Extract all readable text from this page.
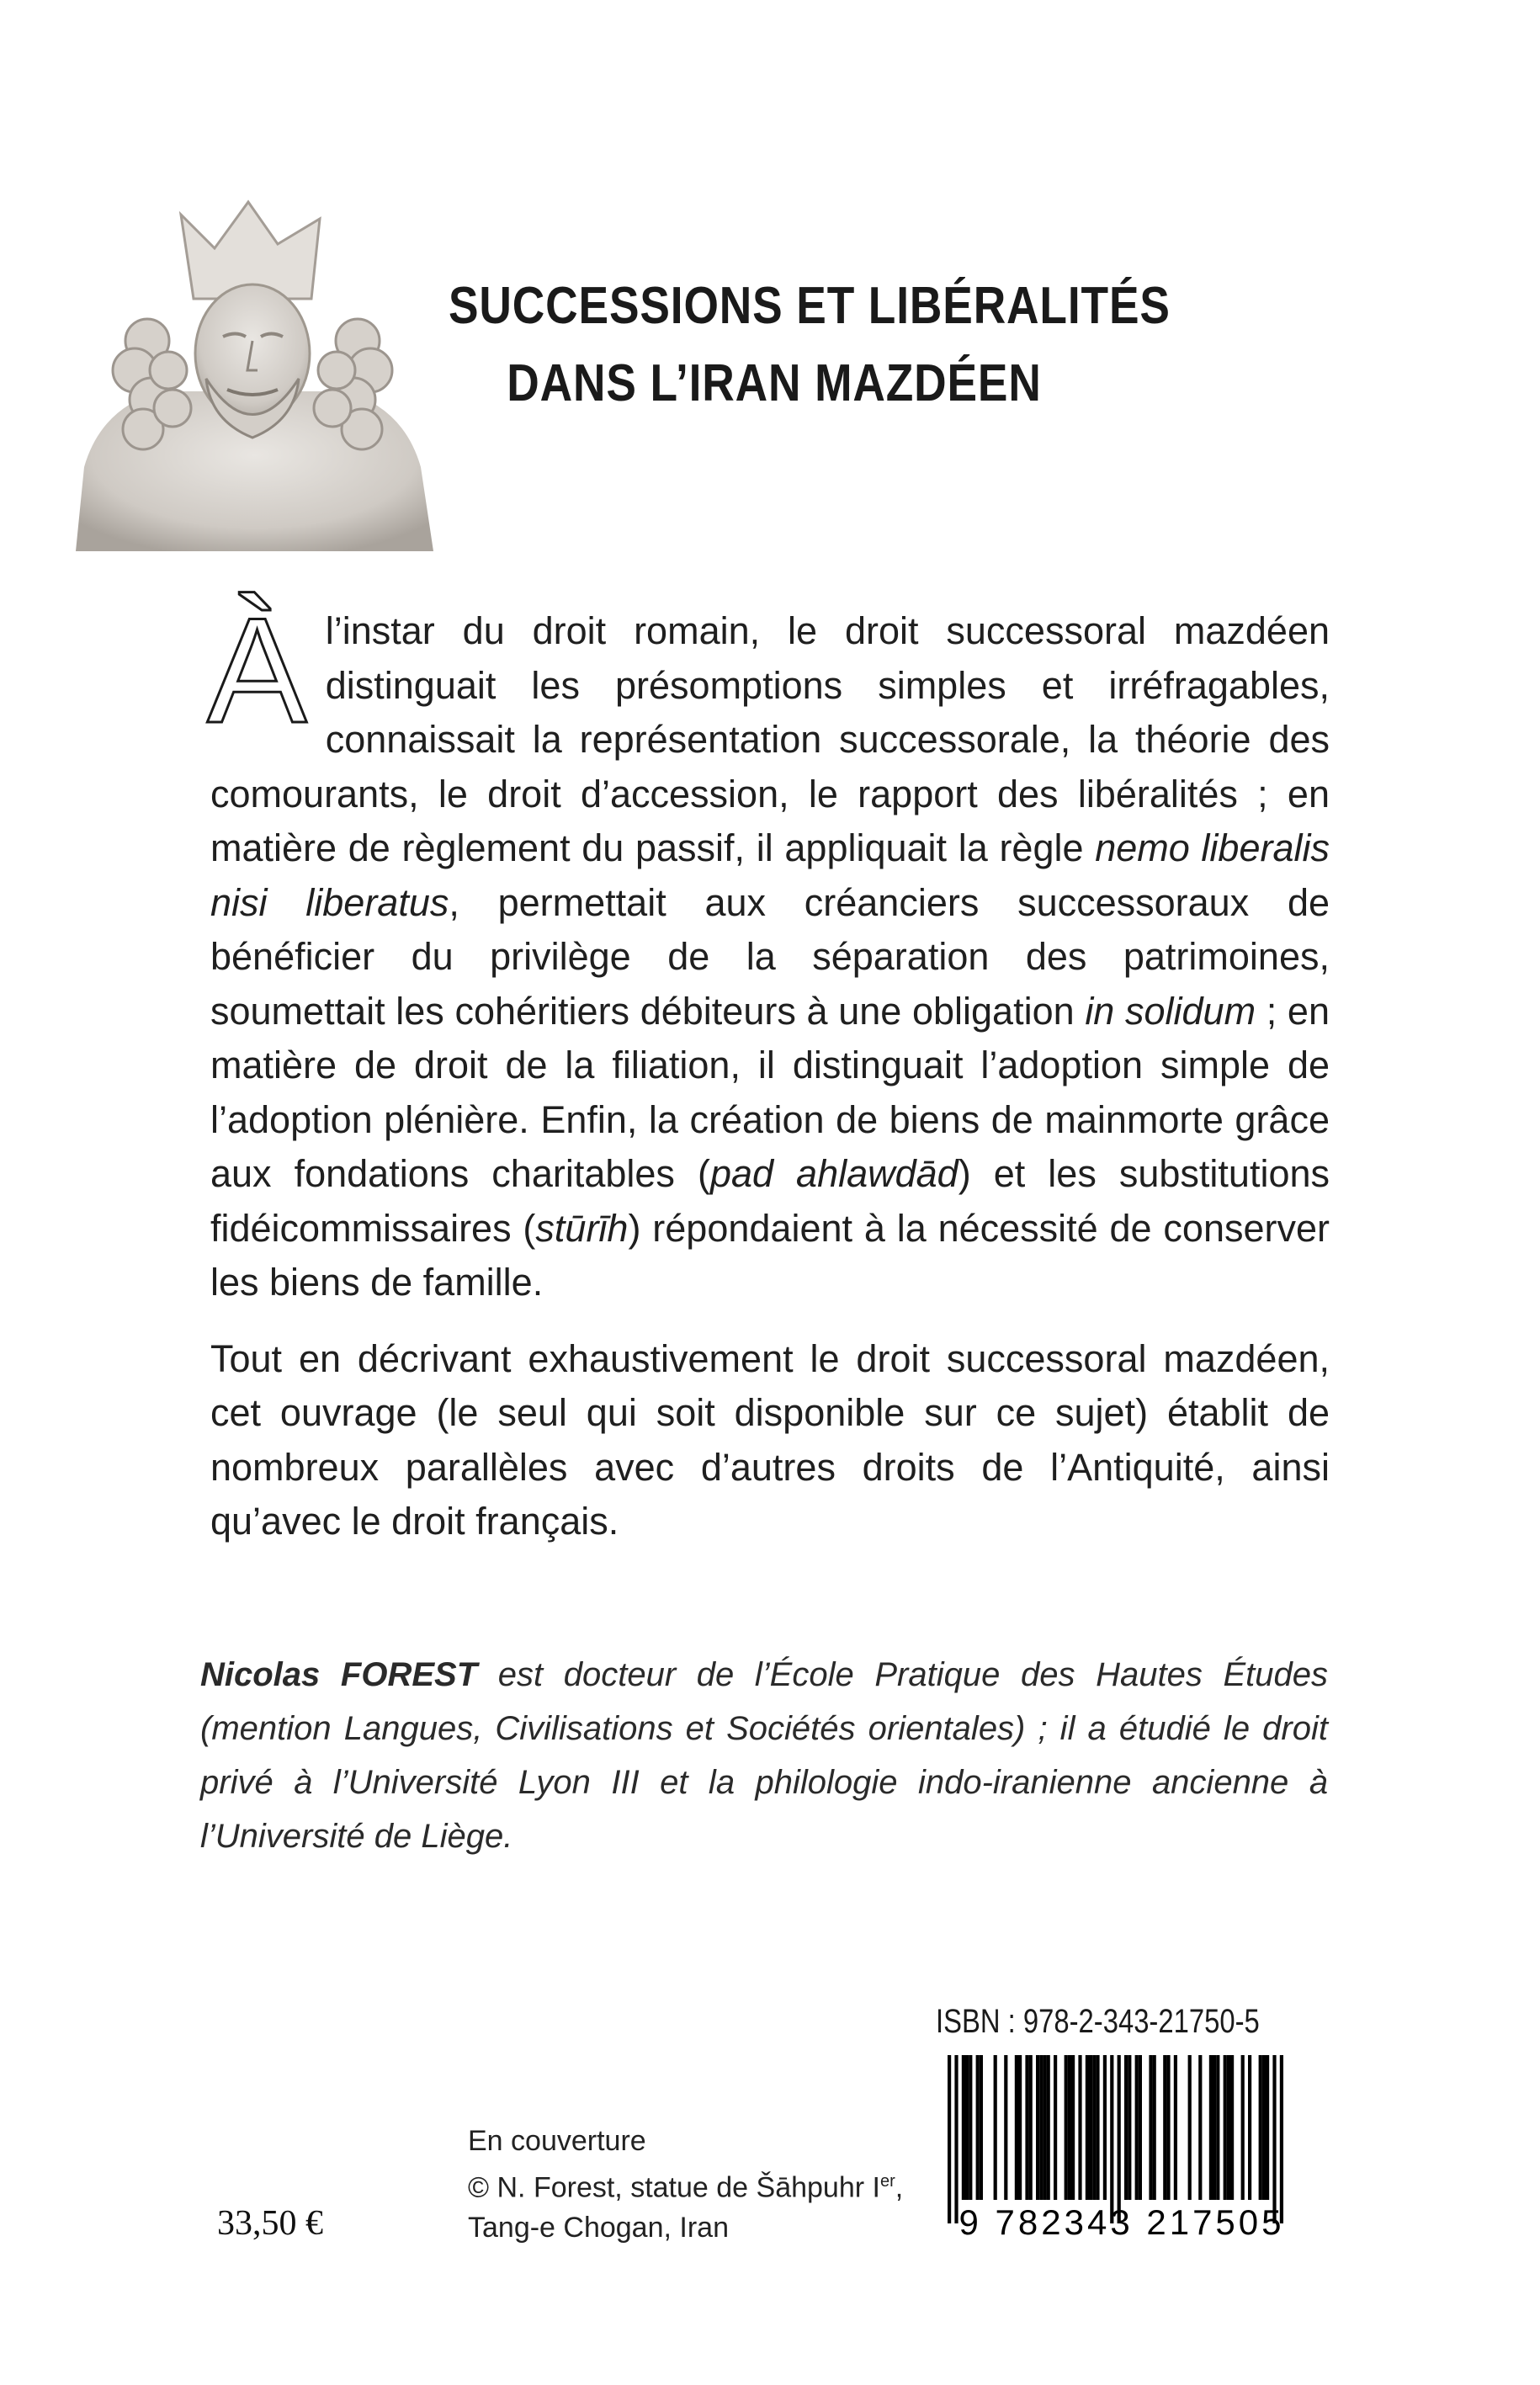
SUCCESSIONS ET LIBÉRALITÉS
DANS L’IRAN MAZDÉEN

Àl’instar du droit romain, le droit successoral mazdéen distinguait les présomptions simples et irréfragables, connaissait la représentation successorale, la théorie des comourants, le droit d’accession, le rapport des libéralités ; en matière de règlement du passif, il appliquait la règle nemo liberalis nisi liberatus, permettait aux créanciers successoraux de bénéficier du privilège de la séparation des patrimoines, soumettait les cohéritiers débiteurs à une obligation in solidum ; en matière de droit de la filiation, il distinguait l’adoption simple de l’adoption plénière. Enfin, la création de biens de mainmorte grâce aux fondations charitables (pad ahlawdād) et les substitutions fidéicommissaires (stūrīh) répondaient à la nécessité de conserver les biens de famille.

Tout en décrivant exhaustivement le droit successoral mazdéen, cet ouvrage (le seul qui soit disponible sur ce sujet) établit de nombreux parallèles avec d’autres droits de l’Antiquité, ainsi qu’avec le droit français.

Nicolas FOREST est docteur de l’École Pratique des Hautes Études (mention Langues, Civilisations et Sociétés orientales) ; il a étudié le droit privé à l’Université Lyon III et la philologie indo-iranienne ancienne à l’Université de Liège.
ISBN : 978-2-343-21750-5
9 782343 217505
En couverture
© N. Forest, statue de Šāhpuhr Ier,
Tang-e Chogan, Iran
33,50 €
